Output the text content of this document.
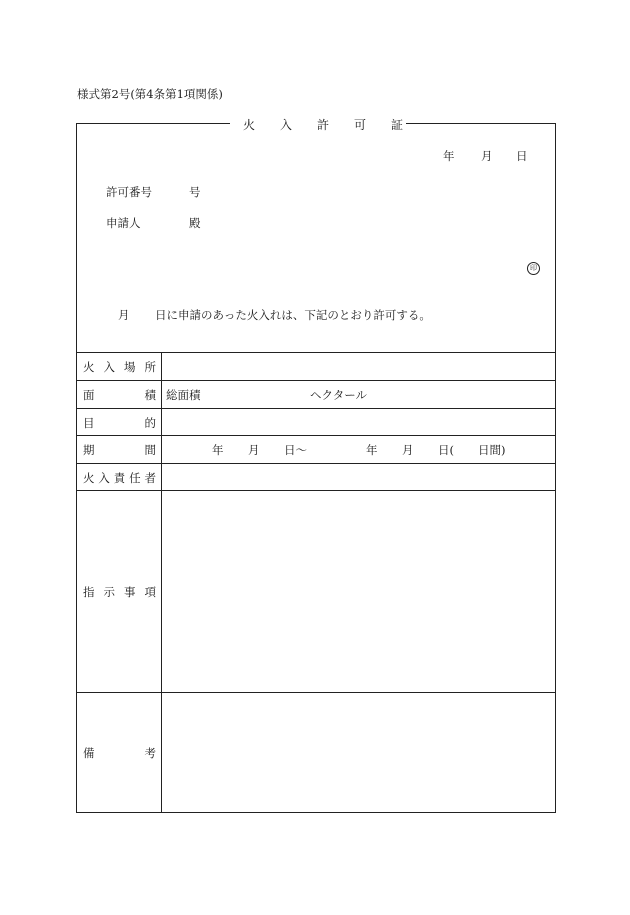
様式第2号(第4条第1項関係)
火 入 許 可 証
年 月 日
許可番号	号
申請人	殿
印
月 日に申請のあった火入れは、下記のとおり許可する。
火 入 場 所
面	積 総面積	ヘクタール
目	的
期	間	年 月 日〜	年 月 日( 日間)
火 入 責 任 者
指 示 事 項
備	考
